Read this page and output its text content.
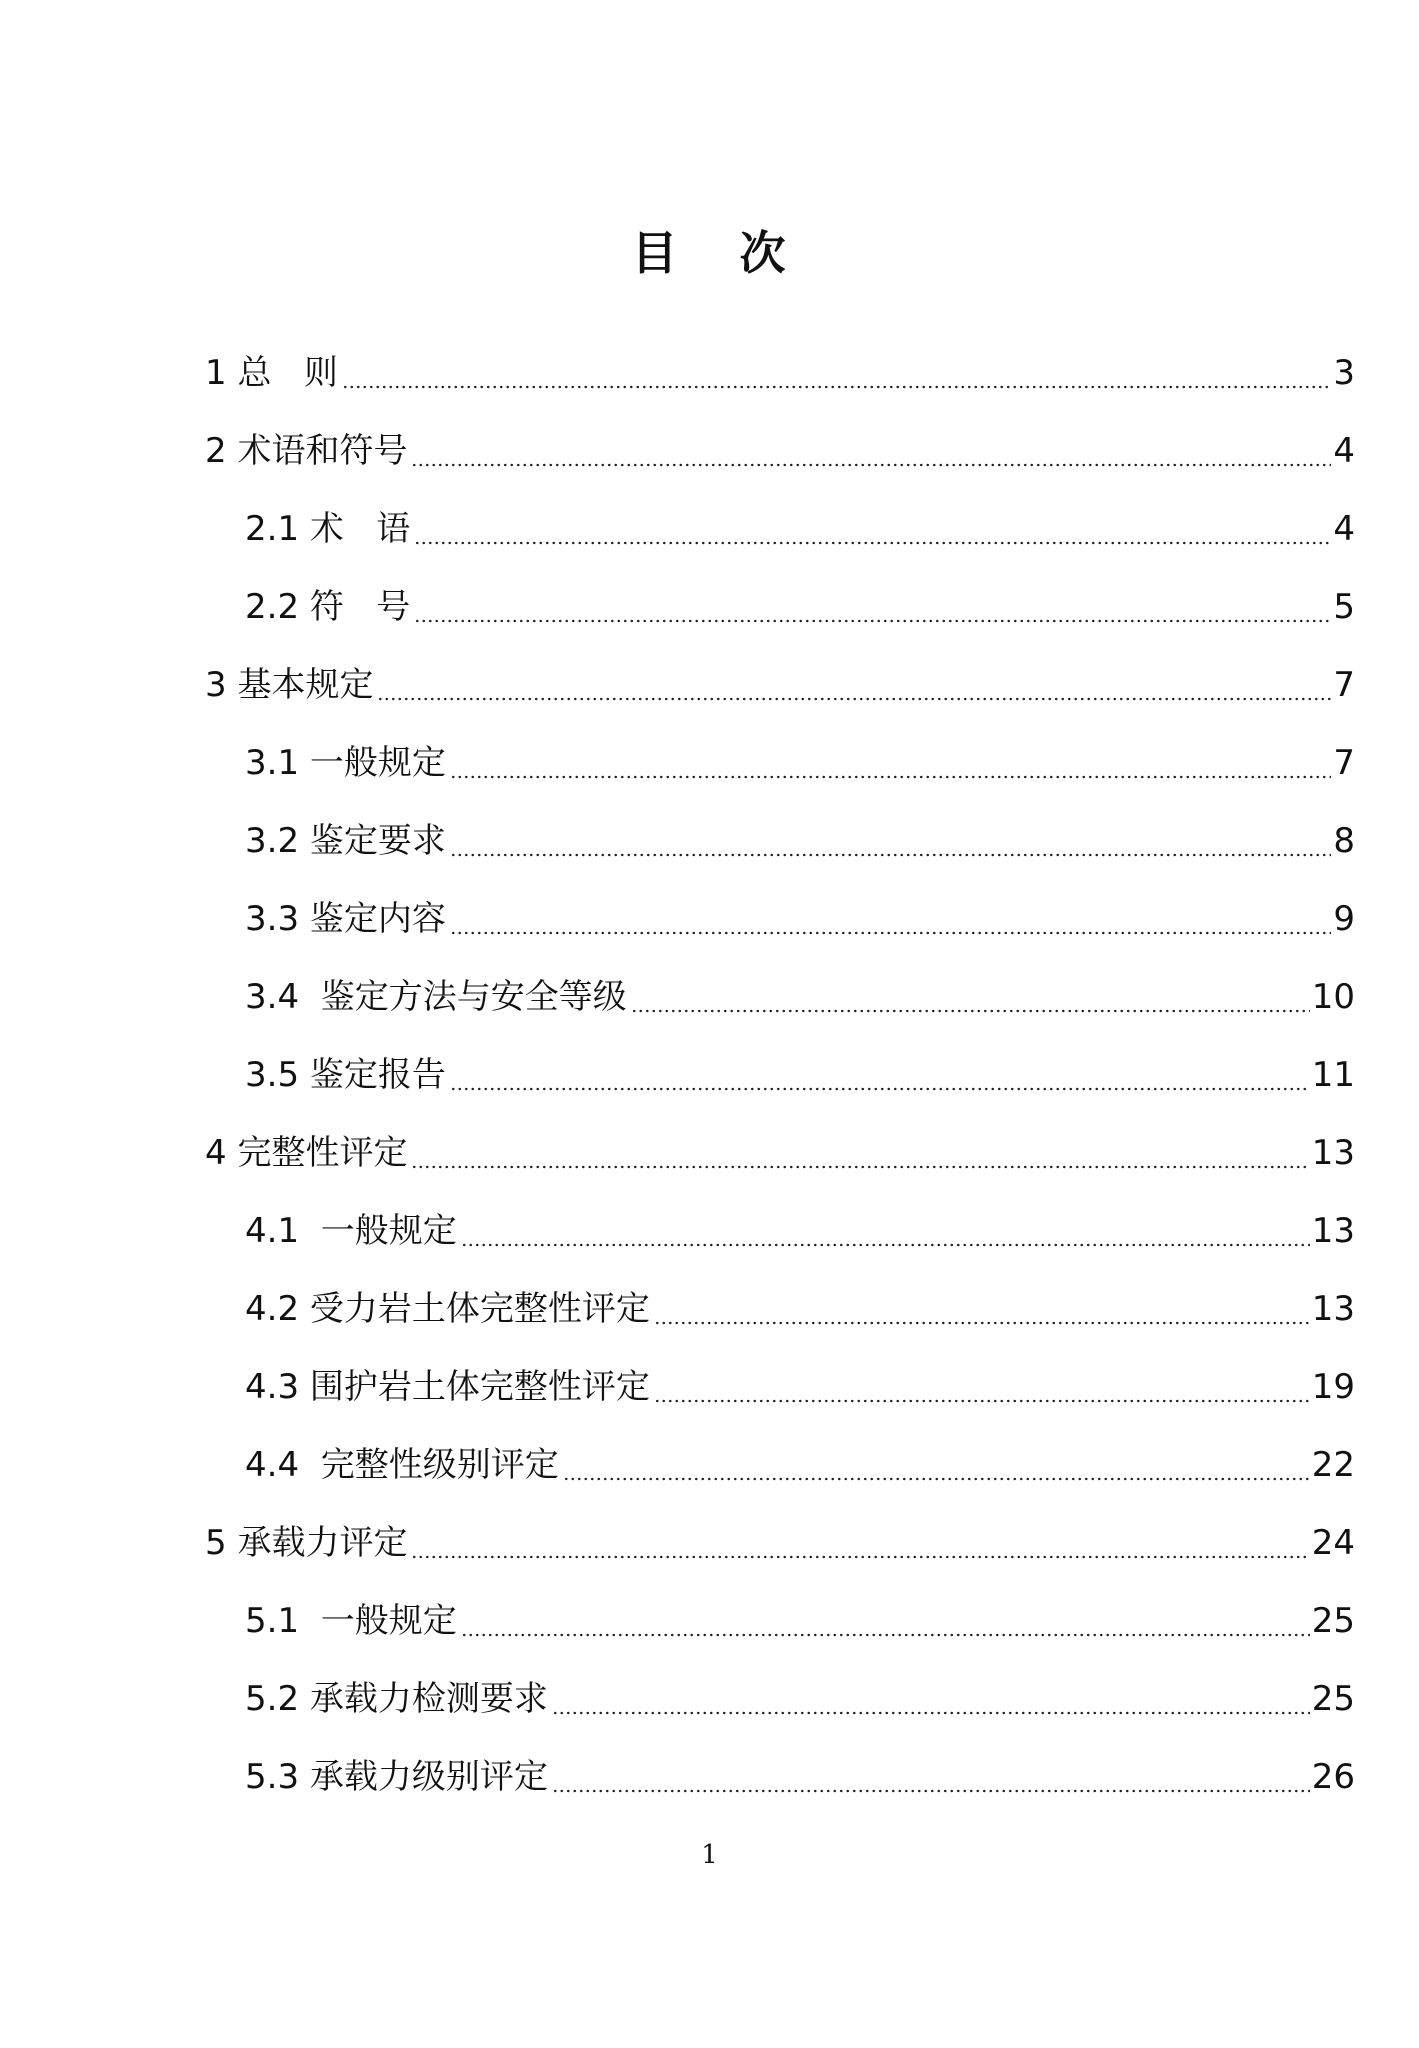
目 次
1 总   则	3
2 术语和符号	4
2.1 术   语	4
2.2 符   号	5
3 基本规定	7
3.1 一般规定	7
3.2 鉴定要求	8
3.3 鉴定内容	9
3.4 鉴定方法与安全等级	10
3.5 鉴定报告	11
4 完整性评定	13
4.1 一般规定	13
4.2 受力岩土体完整性评定	13
4.3 围护岩土体完整性评定	19
4.4 完整性级别评定	22
5 承载力评定	24
5.1 一般规定	25
5.2 承载力检测要求	25
5.3 承载力级别评定	26
1
